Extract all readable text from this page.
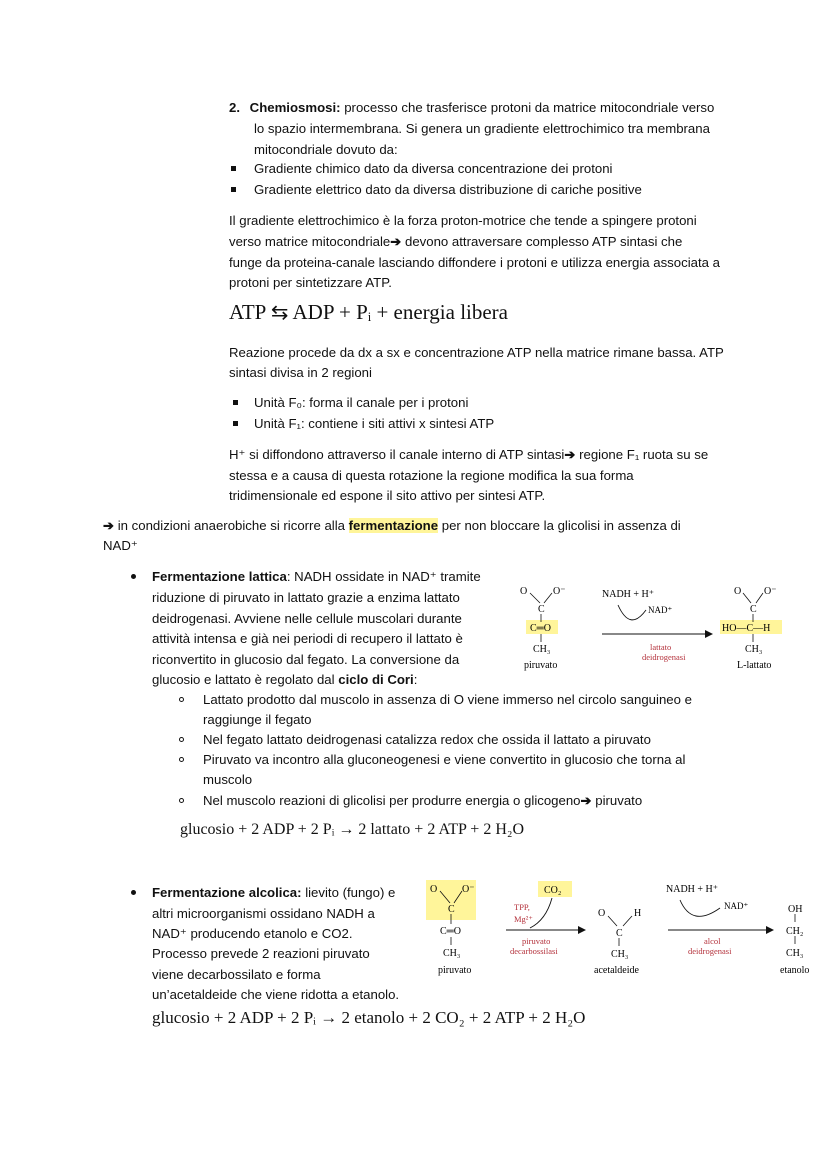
2. Chemiosmosi: processo che trasferisce protoni da matrice mitocondriale verso
lo spazio intermembrana. Si genera un gradiente elettrochimico tra membrana
mitocondriale dovuto da:
Gradiente chimico dato da diversa concentrazione dei protoni
Gradiente elettrico dato da diversa distribuzione di cariche positive
Il gradiente elettrochimico è la forza proton-motrice che tende a spingere protoni
verso matrice mitocondriale➔ devono attraversare complesso ATP sintasi che
funge da proteina-canale lasciando diffondere i protoni e utilizza energia associata a
protoni per sintetizzare ATP.
ATP ⇆ ADP + Pᵢ + energia libera
Reazione procede da dx a sx e concentrazione ATP nella matrice rimane bassa. ATP
sintasi divisa in 2 regioni
Unità F₀: forma il canale per i protoni
Unità F₁: contiene i siti attivi x sintesi ATP
H⁺ si diffondono attraverso il canale interno di ATP sintasi➔ regione F₁ ruota su se
stessa e a causa di questa rotazione la regione modifica la sua forma
tridimensionale ed espone il sito attivo per sintesi ATP.
➔ in condizioni anaerobiche si ricorre alla fermentazione per non bloccare la glicolisi in assenza di
NAD⁺
Fermentazione lattica: NADH ossidate in NAD⁺ tramite
riduzione di piruvato in lattato grazie a enzima lattato
deidrogenasi. Avviene nelle cellule muscolari durante
attività intensa e già nei periodi di recupero il lattato è
riconvertito in glucosio dal fegato. La conversione da
glucosio e lattato è regolato dal ciclo di Cori:
O	O⁻
C
C═O
CH₃
piruvato
NADH + H⁺
NAD⁺
lattato
deidrogenasi
O O⁻
C
HO—C—H
CH₃
L-lattato
Lattato prodotto dal muscolo in assenza di O viene immerso nel circolo sanguineo e
raggiunge il fegato
Nel fegato lattato deidrogenasi catalizza redox che ossida il lattato a piruvato
Piruvato va incontro alla gluconeogenesi e viene convertito in glucosio che torna al
muscolo
Nel muscolo reazioni di glicolisi per produrre energia o glicogeno➔ piruvato
glucosio + 2 ADP + 2 Pᵢ → 2 lattato + 2 ATP + 2 H₂O
Fermentazione alcolica: lievito (fungo) e
altri microorganismi ossidano NADH a
NAD⁺ producendo etanolo e CO2.
Processo prevede 2 reazioni piruvato
viene decarbossilato e forma
un’acetaldeide che viene ridotta a etanolo.
O O⁻
C
C═O
CH₃
piruvato
CO₂
TPP,
Mg²⁺
piruvato
decarbossilasi
O	H
C
CH₃
acetaldeide
NADH + H⁺
NAD⁺
alcol
deidrogenasi
OH
CH₂
CH₃
etanolo
glucosio + 2 ADP + 2 Pᵢ → 2 etanolo + 2 CO₂ + 2 ATP + 2 H₂O
